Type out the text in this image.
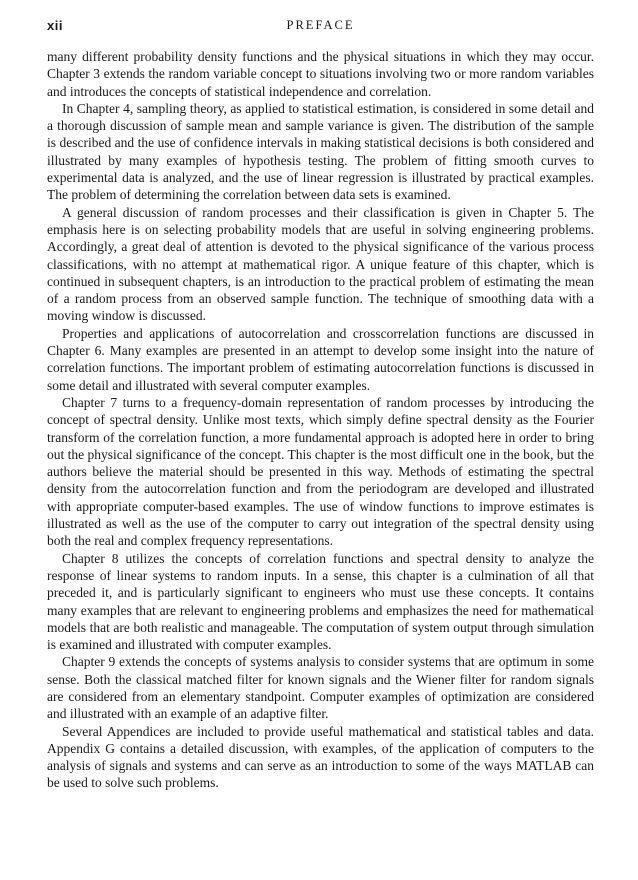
xii	PREFACE

many different probability density functions and the physical situations in which they may occur. Chapter 3 extends the random variable concept to situations involving two or more random variables and introduces the concepts of statistical independence and correlation.

In Chapter 4, sampling theory, as applied to statistical estimation, is considered in some detail and a thorough discussion of sample mean and sample variance is given. The distribution of the sample is described and the use of confidence intervals in making statistical decisions is both considered and illustrated by many examples of hypothesis testing. The problem of fitting smooth curves to experimental data is analyzed, and the use of linear regression is illustrated by practical examples. The problem of determining the correlation between data sets is examined.

A general discussion of random processes and their classification is given in Chapter 5. The emphasis here is on selecting probability models that are useful in solving engineering problems. Accordingly, a great deal of attention is devoted to the physical significance of the various process classifications, with no attempt at mathematical rigor. A unique feature of this chapter, which is continued in subsequent chapters, is an introduction to the practical problem of estimating the mean of a random process from an observed sample function. The technique of smoothing data with a moving window is discussed.

Properties and applications of autocorrelation and crosscorrelation functions are discussed in Chapter 6. Many examples are presented in an attempt to develop some insight into the nature of correlation functions. The important problem of estimating autocorrelation functions is discussed in some detail and illustrated with several computer examples.

Chapter 7 turns to a frequency-domain representation of random processes by introducing the concept of spectral density. Unlike most texts, which simply define spectral density as the Fourier transform of the correlation function, a more fundamental approach is adopted here in order to bring out the physical significance of the concept. This chapter is the most difficult one in the book, but the authors believe the material should be presented in this way. Methods of estimating the spectral density from the autocorrelation function and from the periodogram are developed and illustrated with appropriate computer-based examples. The use of window functions to improve estimates is illustrated as well as the use of the computer to carry out integration of the spectral density using both the real and complex frequency representations.

Chapter 8 utilizes the concepts of correlation functions and spectral density to analyze the response of linear systems to random inputs. In a sense, this chapter is a culmination of all that preceded it, and is particularly significant to engineers who must use these concepts. It contains many examples that are relevant to engineering problems and emphasizes the need for mathematical models that are both realistic and manageable. The computation of system output through simulation is examined and illustrated with computer examples.

Chapter 9 extends the concepts of systems analysis to consider systems that are optimum in some sense. Both the classical matched filter for known signals and the Wiener filter for random signals are considered from an elementary standpoint. Computer examples of optimization are considered and illustrated with an example of an adaptive filter.

Several Appendices are included to provide useful mathematical and statistical tables and data. Appendix G contains a detailed discussion, with examples, of the application of computers to the analysis of signals and systems and can serve as an introduction to some of the ways MATLAB can be used to solve such problems.
